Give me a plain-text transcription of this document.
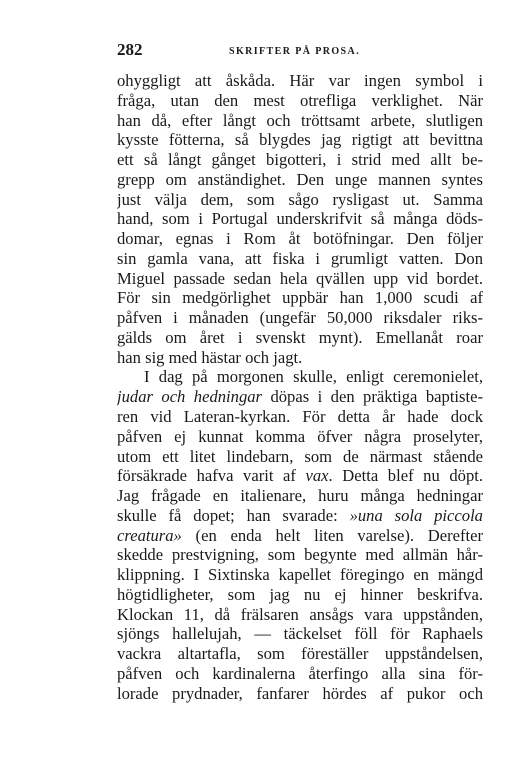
282	SKRIFTER PÅ PROSA.
ohyggligt att åskåda. Här var ingen symbol i
fråga, utan den mest otrefliga verklighet. När
han då, efter långt och tröttsamt arbete, slutligen
kysste fötterna, så blygdes jag rigtigt att bevittna
ett så långt gånget bigotteri, i strid med allt be-
grepp om anständighet. Den unge mannen syntes
just välja dem, som sågo rysligast ut. Samma
hand, som i Portugal underskrifvit så många döds-
domar, egnas i Rom åt botöfningar. Den följer
sin gamla vana, att fiska i grumligt vatten. Don
Miguel passade sedan hela qvällen upp vid bordet.
För sin medgörlighet uppbär han 1,000 scudi af
påfven i månaden (ungefär 50,000 riksdaler riks-
gälds om året i svenskt mynt). Emellanåt roar
han sig med hästar och jagt.
I dag på morgonen skulle, enligt ceremonielet,
judar och hedningar döpas i den präktiga baptiste-
ren vid Lateran-kyrkan. För detta år hade dock
påfven ej kunnat komma öfver några proselyter,
utom ett litet lindebarn, som de närmast stående
försäkrade hafva varit af vax. Detta blef nu döpt.
Jag frågade en italienare, huru många hedningar
skulle få dopet; han svarade: »una sola piccola
creatura» (en enda helt liten varelse). Derefter
skedde prestvigning, som begynte med allmän hår-
klippning. I Sixtinska kapellet föregingo en mängd
högtidligheter, som jag nu ej hinner beskrifva.
Klockan 11, då frälsaren ansågs vara uppstånden,
sjöngs hallelujah, — täckelset föll för Raphaels
vackra altartafla, som föreställer uppståndelsen,
påfven och kardinalerna återfingo alla sina för-
lorade prydnader, fanfarer hördes af pukor och
